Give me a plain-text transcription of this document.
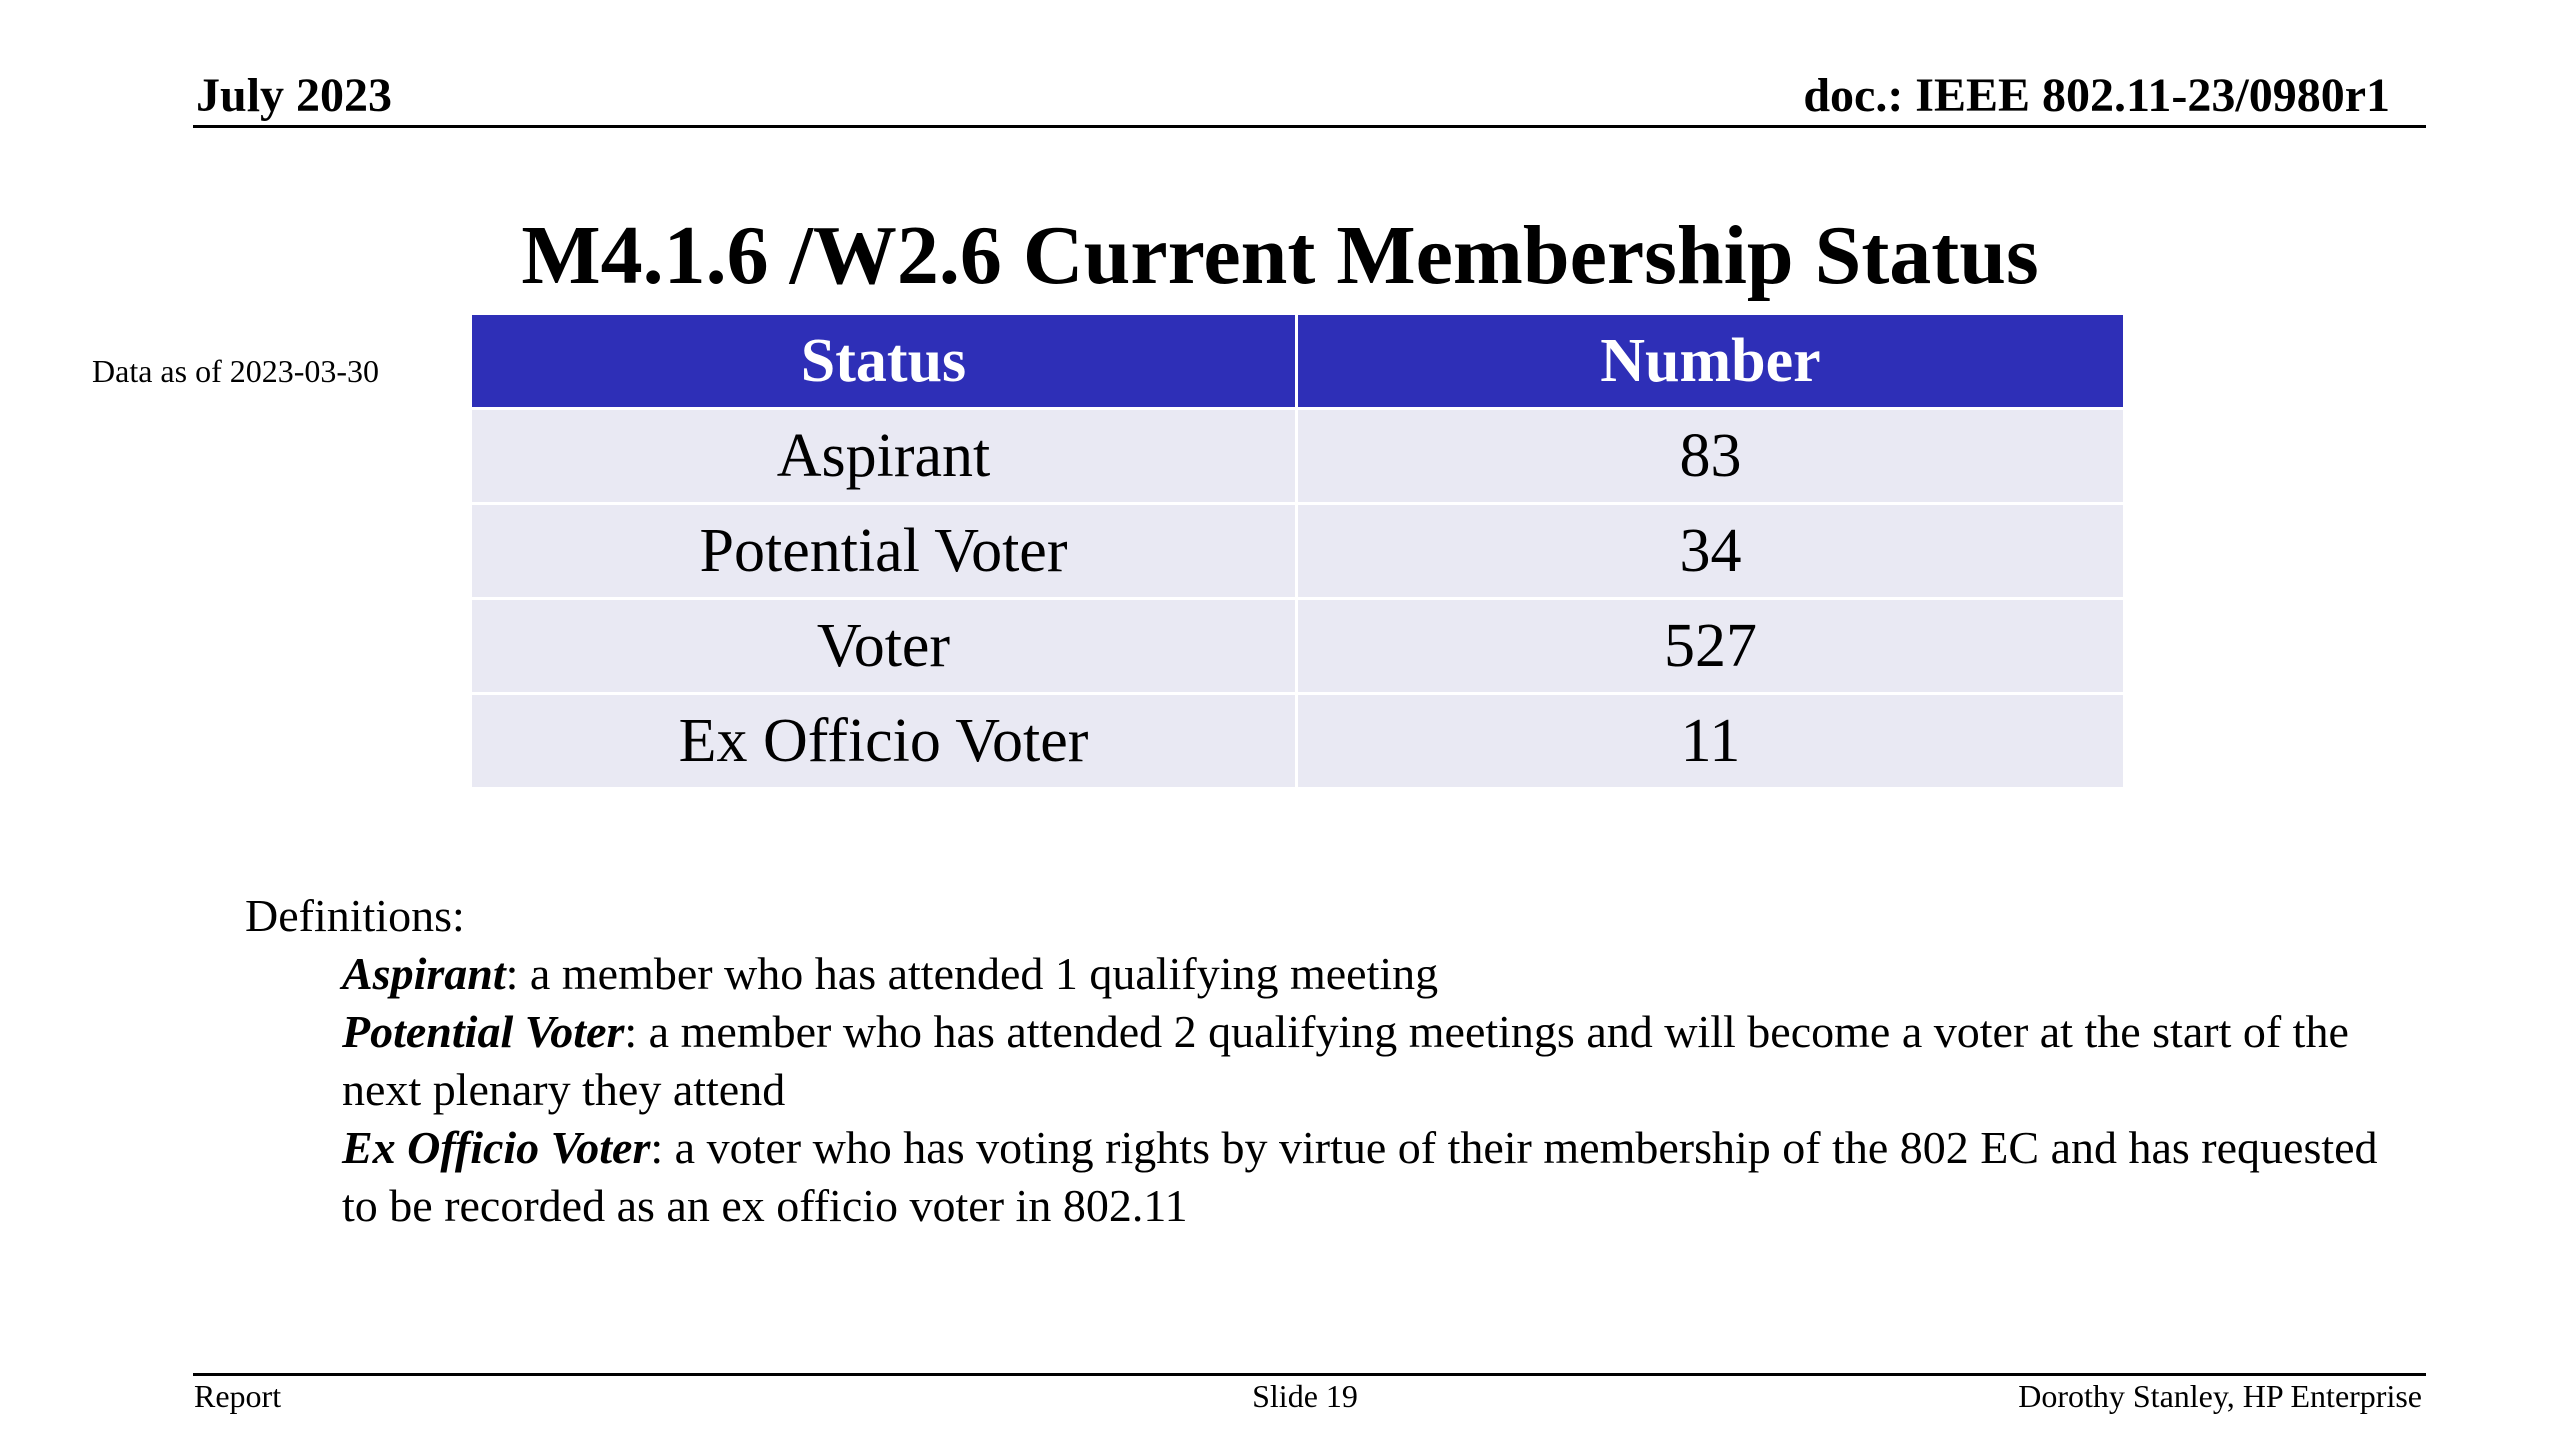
July 2023	doc.: IEEE 802.11-23/0980r1
M4.1.6 /W2.6 Current Membership Status
Data as of 2023-03-30	Status	Number
Aspirant	83
Potential Voter	34
Voter	527
Ex Officio Voter	11
Definitions:
Aspirant: a member who has attended 1 qualifying meeting
Potential Voter: a member who has attended 2 qualifying meetings and will become a voter at the start of the next plenary they attend
Ex Officio Voter: a voter who has voting rights by virtue of their membership of the 802 EC and has requested to be recorded as an ex officio voter in 802.11
Report	Slide 19	Dorothy Stanley, HP Enterprise
